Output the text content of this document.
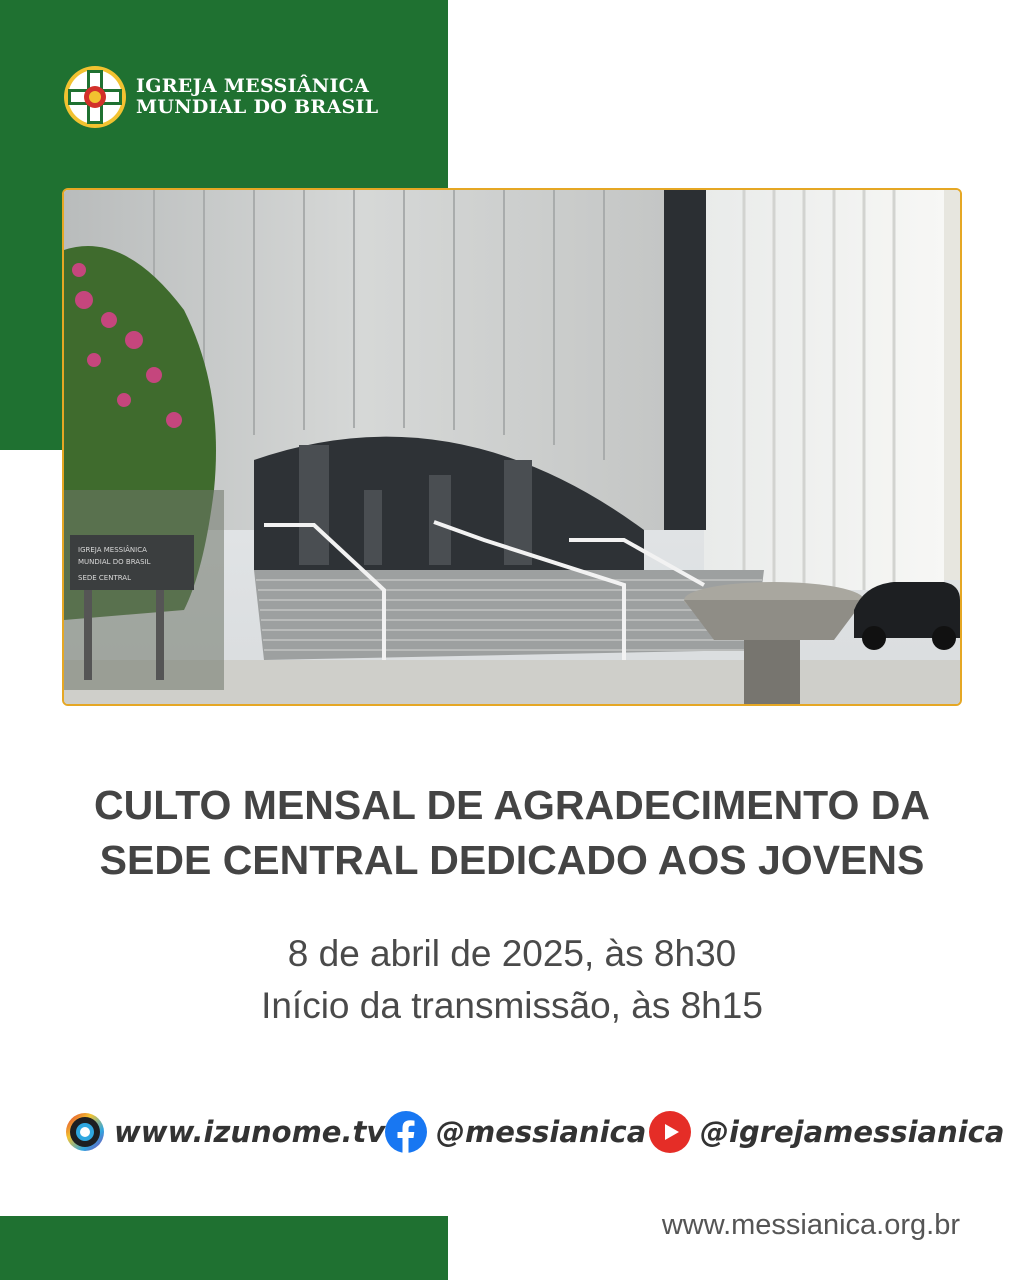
IGREJA MESSIÂNICA
MUNDIAL DO BRASIL
IGREJA MESSIÂNICA
MUNDIAL DO BRASIL
SEDE CENTRAL
CULTO MENSAL DE AGRADECIMENTO DA
SEDE CENTRAL DEDICADO AOS JOVENS
8 de abril de 2025, às 8h30
Início da transmissão, às 8h15
www.izunome.tv @messianica @igrejamessianica
www.messianica.org.br
